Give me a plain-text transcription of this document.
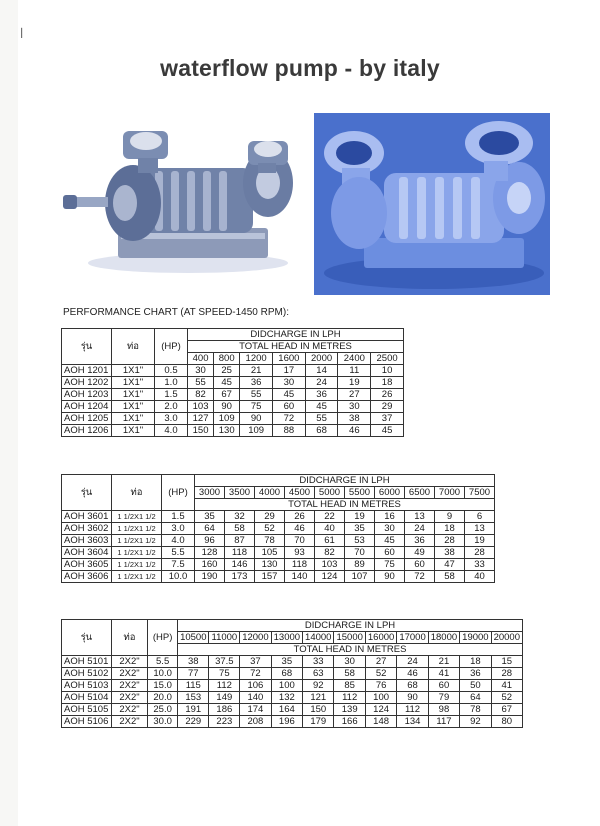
ꟾ
waterflow pump - by italy
PERFORMANCE CHART (AT SPEED-1450 RPM):
รุ่น	ท่อ	(HP)	DIDCHARGE IN LPH						
			TOTAL HEAD IN METRES						
			400	800	1200	1600	2000	2400	2500
AOH 1201	1X1"	0.5	30	25	21	17	14	11	10
AOH 1202	1X1"	1.0	55	45	36	30	24	19	18
AOH 1203	1X1"	1.5	82	67	55	45	36	27	26
AOH 1204	1X1"	2.0	103	90	75	60	45	30	29
AOH 1205	1X1"	3.0	127	109	90	72	55	38	37
AOH 1206	1X1"	4.0	150	130	109	88	68	46	45
รุ่น	ท่อ	(HP)	DIDCHARGE IN LPH									
			3000	3500	4000	4500	5000	5500	6000	6500	7000	7500
			TOTAL HEAD IN METRES									
AOH 3601	1 1/2X1 1/2	1.5	35	32	29	26	22	19	16	13	9	6
AOH 3602	1 1/2X1 1/2	3.0	64	58	52	46	40	35	30	24	18	13
AOH 3603	1 1/2X1 1/2	4.0	96	87	78	70	61	53	45	36	28	19
AOH 3604	1 1/2X1 1/2	5.5	128	118	105	93	82	70	60	49	38	28
AOH 3605	1 1/2X1 1/2	7.5	160	146	130	118	103	89	75	60	47	33
AOH 3606	1 1/2X1 1/2	10.0	190	173	157	140	124	107	90	72	58	40
รุ่น	ท่อ	(HP)	DIDCHARGE IN LPH										
			10500	11000	12000	13000	14000	15000	16000	17000	18000	19000	20000
			TOTAL HEAD IN METRES										
AOH 5101	2X2"	5.5	38	37.5	37	35	33	30	27	24	21	18	15
AOH 5102	2X2"	10.0	77	75	72	68	63	58	52	46	41	36	28
AOH 5103	2X2"	15.0	115	112	106	100	92	85	76	68	60	50	41
AOH 5104	2X2"	20.0	153	149	140	132	121	112	100	90	79	64	52
AOH 5105	2X2"	25.0	191	186	174	164	150	139	124	112	98	78	67
AOH 5106	2X2"	30.0	229	223	208	196	179	166	148	134	117	92	80
